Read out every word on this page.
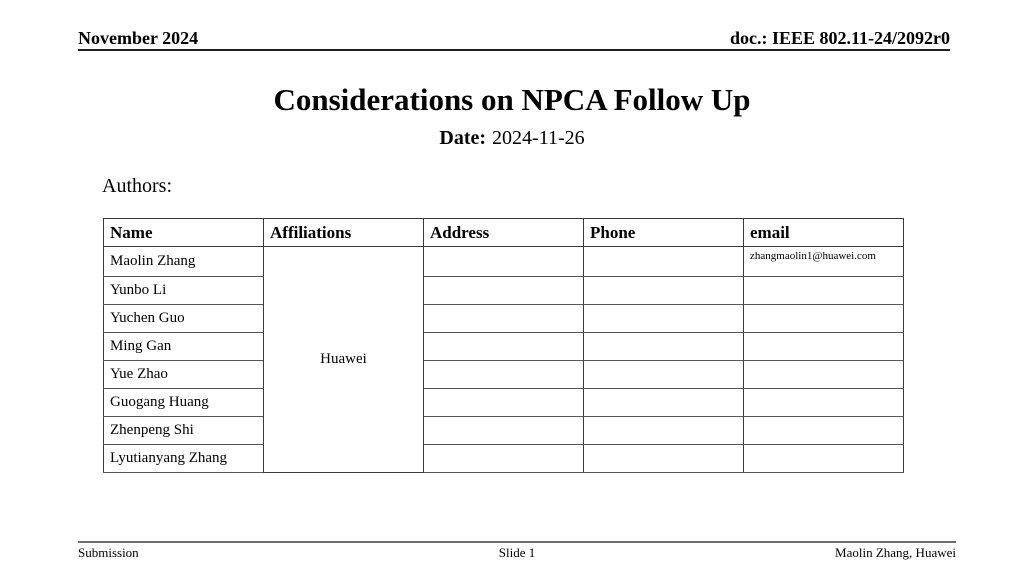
November 2024	doc.: IEEE 802.11-24/2092r0
Considerations on NPCA Follow Up
Date: 2024-11-26
Authors:
Name	Affiliations	Address	Phone	email
Maolin Zhang	Huawei			zhangmaolin1@huawei.com
Yunbo Li				
Yuchen Guo				
Ming Gan				
Yue Zhao				
Guogang Huang				
Zhenpeng Shi				
Lyutianyang Zhang				
Submission	Slide 1	Maolin Zhang, Huawei
